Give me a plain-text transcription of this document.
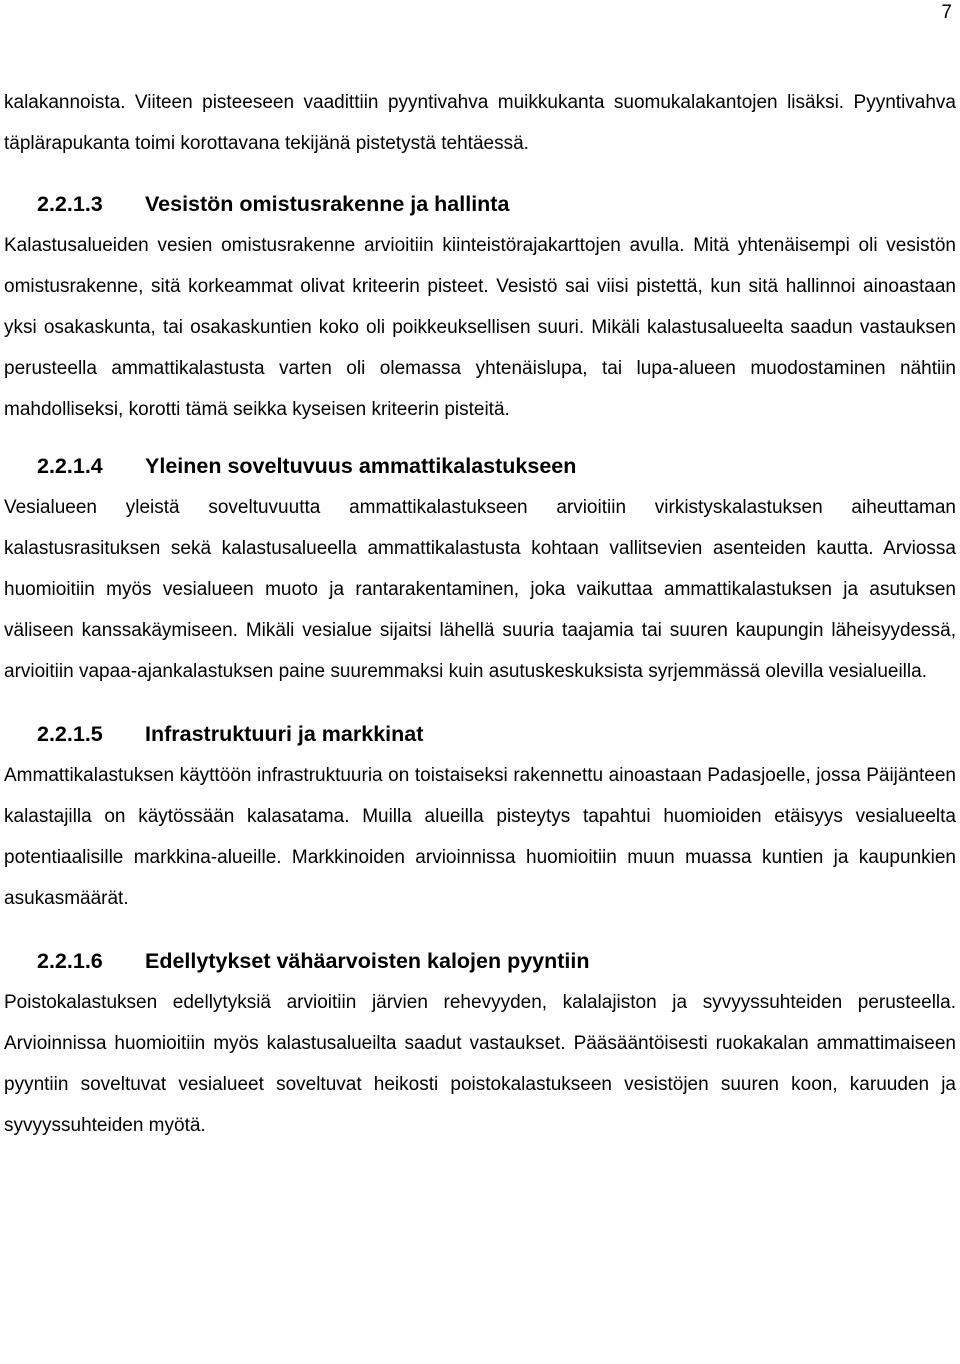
7

kalakannoista. Viiteen pisteeseen vaadittiin pyyntivahva muikkukanta suomukalakantojen lisäksi. Pyyntivahva täplärapukanta toimi korottavana tekijänä pistetystä tehtäessä.

2.2.1.3 Vesistön omistusrakenne ja hallinta

Kalastusalueiden vesien omistusrakenne arvioitiin kiinteistörajakarttojen avulla. Mitä yhtenäisempi oli vesistön omistusrakenne, sitä korkeammat olivat kriteerin pisteet. Vesistö sai viisi pistettä, kun sitä hallinnoi ainoastaan yksi osakaskunta, tai osakaskuntien koko oli poikkeuksellisen suuri. Mikäli kalastusalueelta saadun vastauksen perusteella ammattikalastusta varten oli olemassa yhtenäislupa, tai lupa-alueen muodostaminen nähtiin mahdolliseksi, korotti tämä seikka kyseisen kriteerin pisteitä.

2.2.1.4 Yleinen soveltuvuus ammattikalastukseen

Vesialueen yleistä soveltuvuutta ammattikalastukseen arvioitiin virkistyskalastuksen aiheuttaman kalastusrasituksen sekä kalastusalueella ammattikalastusta kohtaan vallitsevien asenteiden kautta. Arviossa huomioitiin myös vesialueen muoto ja rantarakentaminen, joka vaikuttaa ammattikalastuksen ja asutuksen väliseen kanssakäymiseen. Mikäli vesialue sijaitsi lähellä suuria taajamia tai suuren kaupungin läheisyydessä, arvioitiin vapaa-ajankalastuksen paine suuremmaksi kuin asutuskeskuksista syrjemmässä olevilla vesialueilla.

2.2.1.5 Infrastruktuuri ja markkinat

Ammattikalastuksen käyttöön infrastruktuuria on toistaiseksi rakennettu ainoastaan Padasjoelle, jossa Päijänteen kalastajilla on käytössään kalasatama. Muilla alueilla pisteytys tapahtui huomioiden etäisyys vesialueelta potentiaalisille markkina-alueille. Markkinoiden arvioinnissa huomioitiin muun muassa kuntien ja kaupunkien asukasmäärät.

2.2.1.6 Edellytykset vähäarvoisten kalojen pyyntiin

Poistokalastuksen edellytyksiä arvioitiin järvien rehevyyden, kalalajiston ja syvyyssuhteiden perusteella. Arvioinnissa huomioitiin myös kalastusalueilta saadut vastaukset. Pääsääntöisesti ruokakalan ammattimaiseen pyyntiin soveltuvat vesialueet soveltuvat heikosti poistokalastukseen vesistöjen suuren koon, karuuden ja syvyyssuhteiden myötä.
